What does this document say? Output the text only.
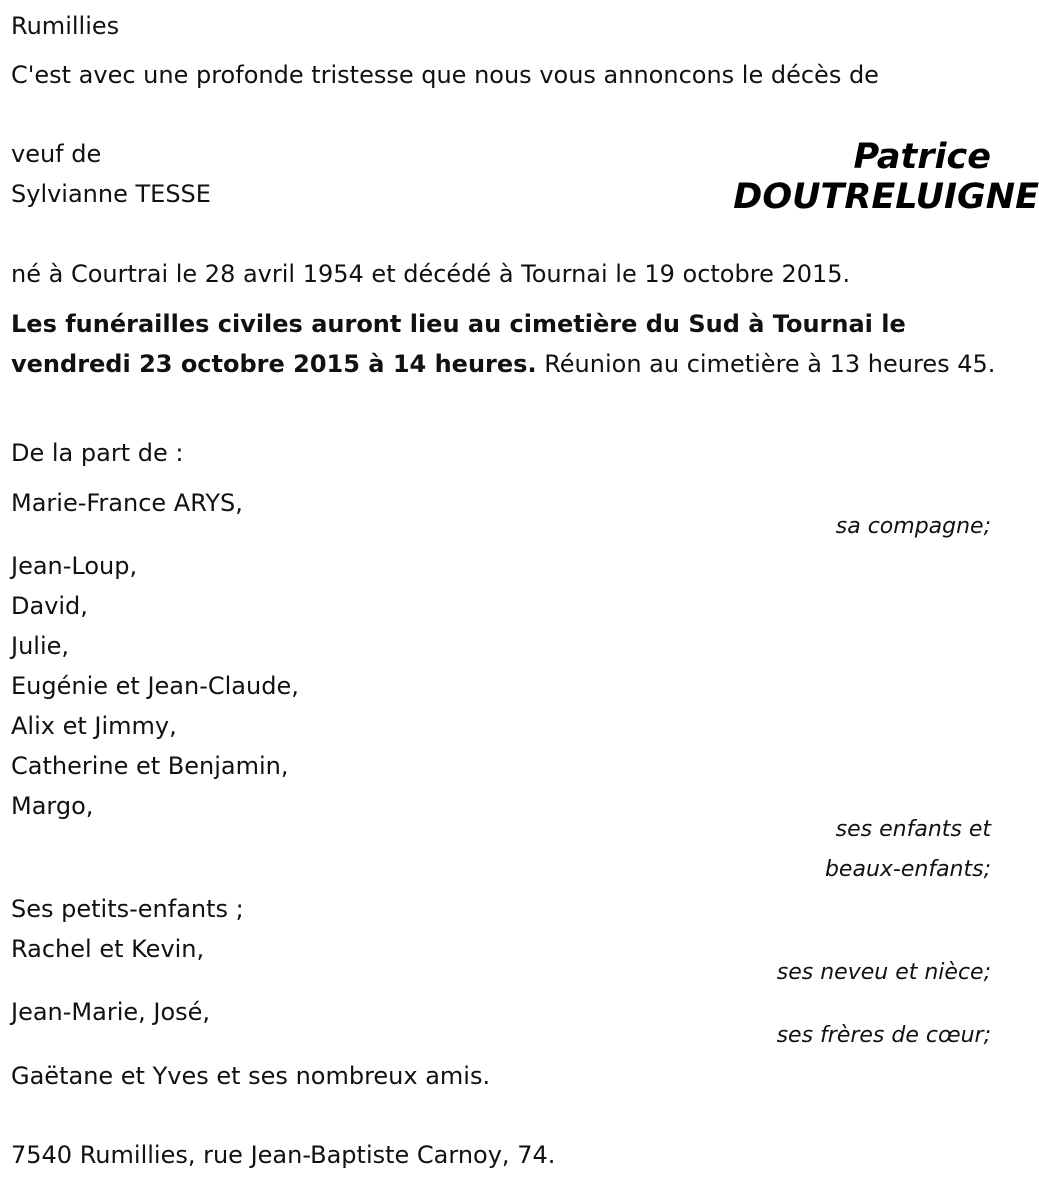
Rumillies
C'est avec une profonde tristesse que nous vous annoncons le décès de
veuf de
Sylvianne TESSE
Patrice
DOUTRELUIGNE
né à Courtrai le 28 avril 1954 et décédé à Tournai le 19 octobre 2015.
Les funérailles civiles auront lieu au cimetière du Sud à Tournai le vendredi 23 octobre 2015 à 14 heures. Réunion au cimetière à 13 heures 45.
De la part de :
Marie-France ARYS,
sa compagne;
Jean-Loup,
David,
Julie,
Eugénie et Jean-Claude,
Alix et Jimmy,
Catherine et Benjamin,
Margo,
ses enfants et
beaux-enfants;
Ses petits-enfants ;
Rachel et Kevin,
ses neveu et nièce;
Jean-Marie, José,
ses frères de cœur;
Gaëtane et Yves et ses nombreux amis.
7540 Rumillies, rue Jean-Baptiste Carnoy, 74.
